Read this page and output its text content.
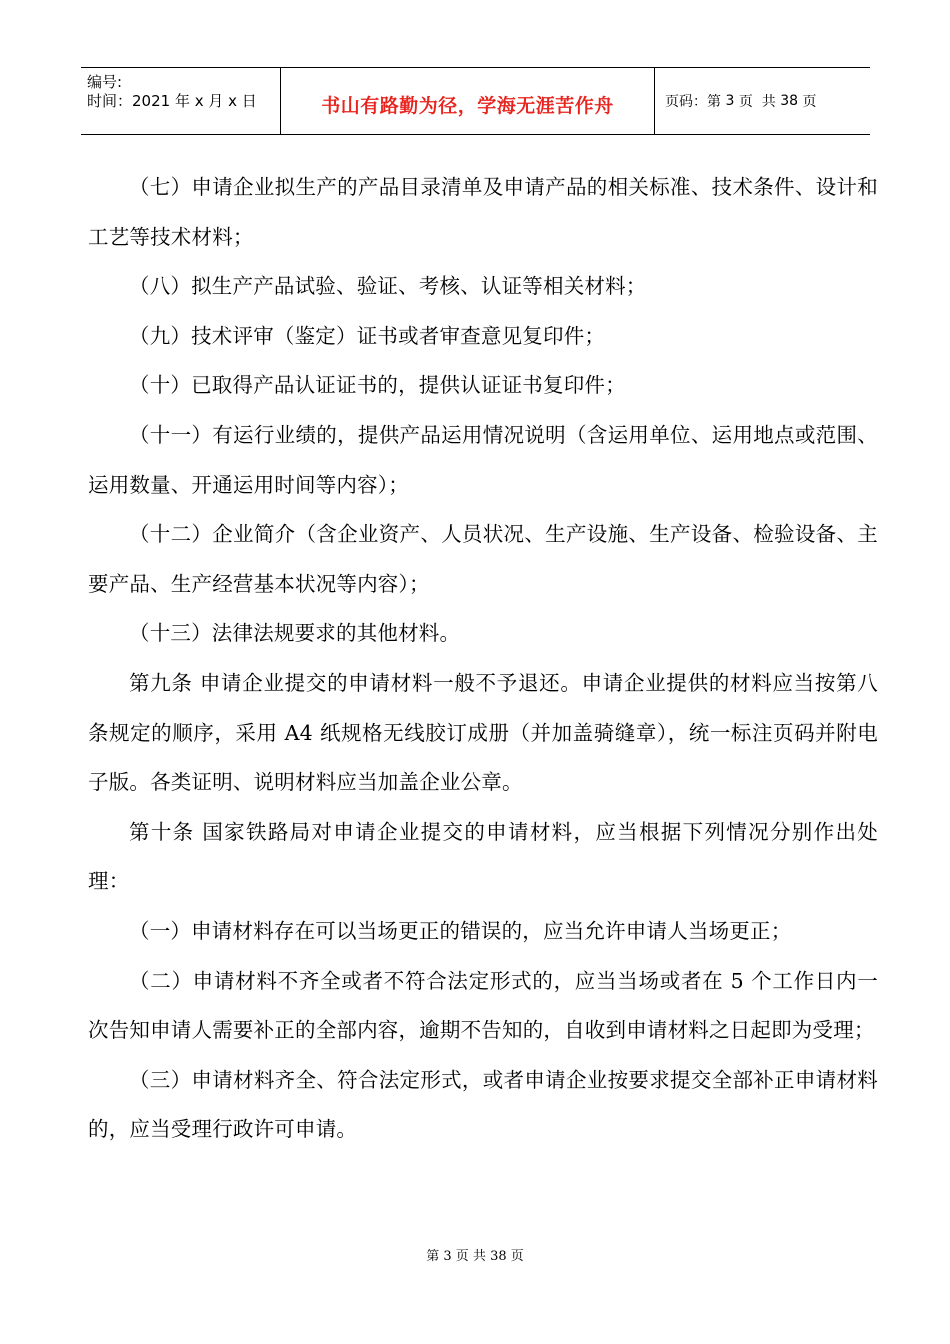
编号:
时间：2021 年 x 月 x 日	书山有路勤为径，学海无涯苦作舟	页码：第 3 页  共 38 页

（七）申请企业拟生产的产品目录清单及申请产品的相关标准、技术条件、设计和工艺等技术材料；

（八）拟生产产品试验、验证、考核、认证等相关材料；

（九）技术评审（鉴定）证书或者审查意见复印件；

（十）已取得产品认证证书的，提供认证证书复印件；

（十一）有运行业绩的，提供产品运用情况说明（含运用单位、运用地点或范围、运用数量、开通运用时间等内容）；

（十二）企业简介（含企业资产、人员状况、生产设施、生产设备、检验设备、主要产品、生产经营基本状况等内容）；

（十三）法律法规要求的其他材料。

第九条 申请企业提交的申请材料一般不予退还。申请企业提供的材料应当按第八条规定的顺序，采用 A4 纸规格无线胶订成册（并加盖骑缝章），统一标注页码并附电子版。各类证明、说明材料应当加盖企业公章。

第十条 国家铁路局对申请企业提交的申请材料，应当根据下列情况分别作出处理：

（一）申请材料存在可以当场更正的错误的，应当允许申请人当场更正；

（二）申请材料不齐全或者不符合法定形式的，应当当场或者在 5 个工作日内一次告知申请人需要补正的全部内容，逾期不告知的，自收到申请材料之日起即为受理；

（三）申请材料齐全、符合法定形式，或者申请企业按要求提交全部补正申请材料的，应当受理行政许可申请。

第 3 页 共 38 页
